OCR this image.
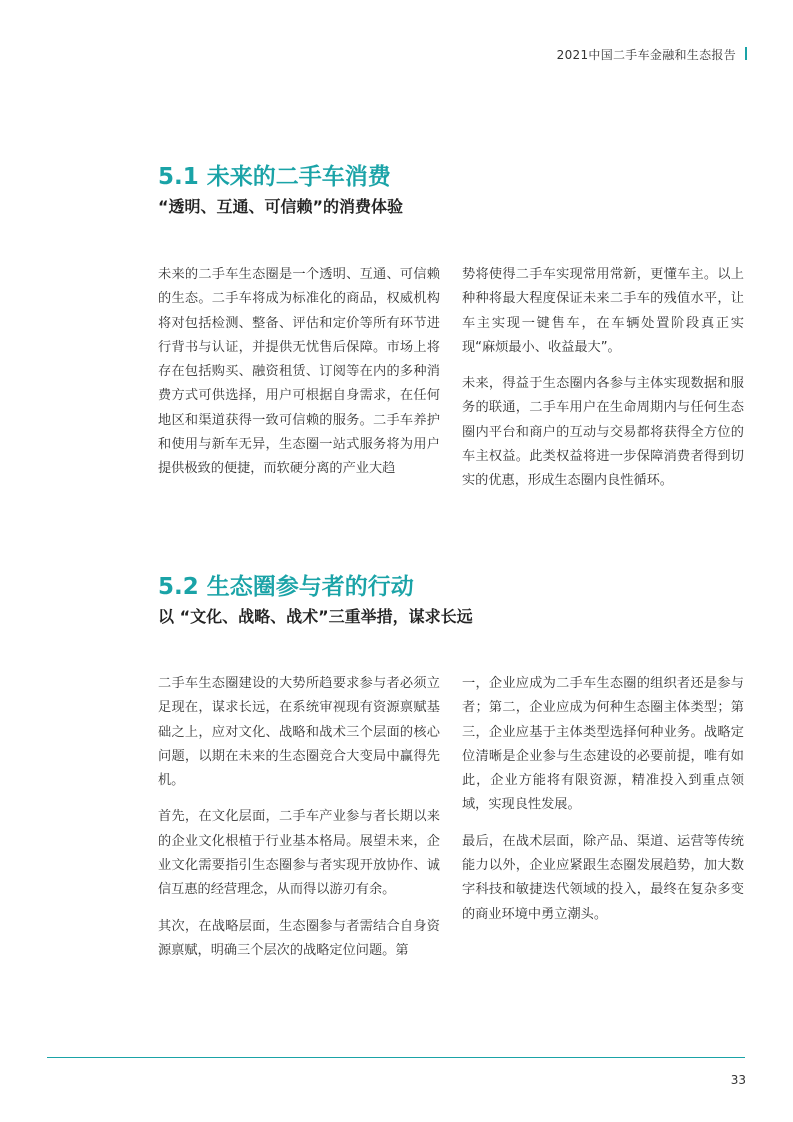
2021中国二手车金融和生态报告
5.1 未来的二手车消费
“透明、互通、可信赖”的消费体验

未来的二手车生态圈是一个透明、互通、可信赖的生态。二手车将成为标准化的商品，权威机构将对包括检测、整备、评估和定价等所有环节进行背书与认证，并提供无忧售后保障。市场上将存在包括购买、融资租赁、订阅等在内的多种消费方式可供选择，用户可根据自身需求，在任何地区和渠道获得一致可信赖的服务。二手车养护和使用与新车无异，生态圈一站式服务将为用户提供极致的便捷，而软硬分离的产业大趋

势将使得二手车实现常用常新，更懂车主。以上种种将最大程度保证未来二手车的残值水平，让车主实现一键售车，在车辆处置阶段真正实现“麻烦最小、收益最大”。

未来，得益于生态圈内各参与主体实现数据和服务的联通，二手车用户在生命周期内与任何生态圈内平台和商户的互动与交易都将获得全方位的车主权益。此类权益将进一步保障消费者得到切实的优惠，形成生态圈内良性循环。

5.2 生态圈参与者的行动
以 “文化、战略、战术”三重举措，谋求长远

二手车生态圈建设的大势所趋要求参与者必须立足现在，谋求长远，在系统审视现有资源禀赋基础之上，应对文化、战略和战术三个层面的核心问题，以期在未来的生态圈竞合大变局中赢得先机。

首先，在文化层面，二手车产业参与者长期以来的企业文化根植于行业基本格局。展望未来，企业文化需要指引生态圈参与者实现开放协作、诚信互惠的经营理念，从而得以游刃有余。

其次，在战略层面，生态圈参与者需结合自身资源禀赋，明确三个层次的战略定位问题。第

一，企业应成为二手车生态圈的组织者还是参与者；第二，企业应成为何种生态圈主体类型；第三，企业应基于主体类型选择何种业务。战略定位清晰是企业参与生态建设的必要前提，唯有如此，企业方能将有限资源，精准投入到重点领域，实现良性发展。

最后，在战术层面，除产品、渠道、运营等传统能力以外，企业应紧跟生态圈发展趋势，加大数字科技和敏捷迭代领域的投入，最终在复杂多变的商业环境中勇立潮头。

33
